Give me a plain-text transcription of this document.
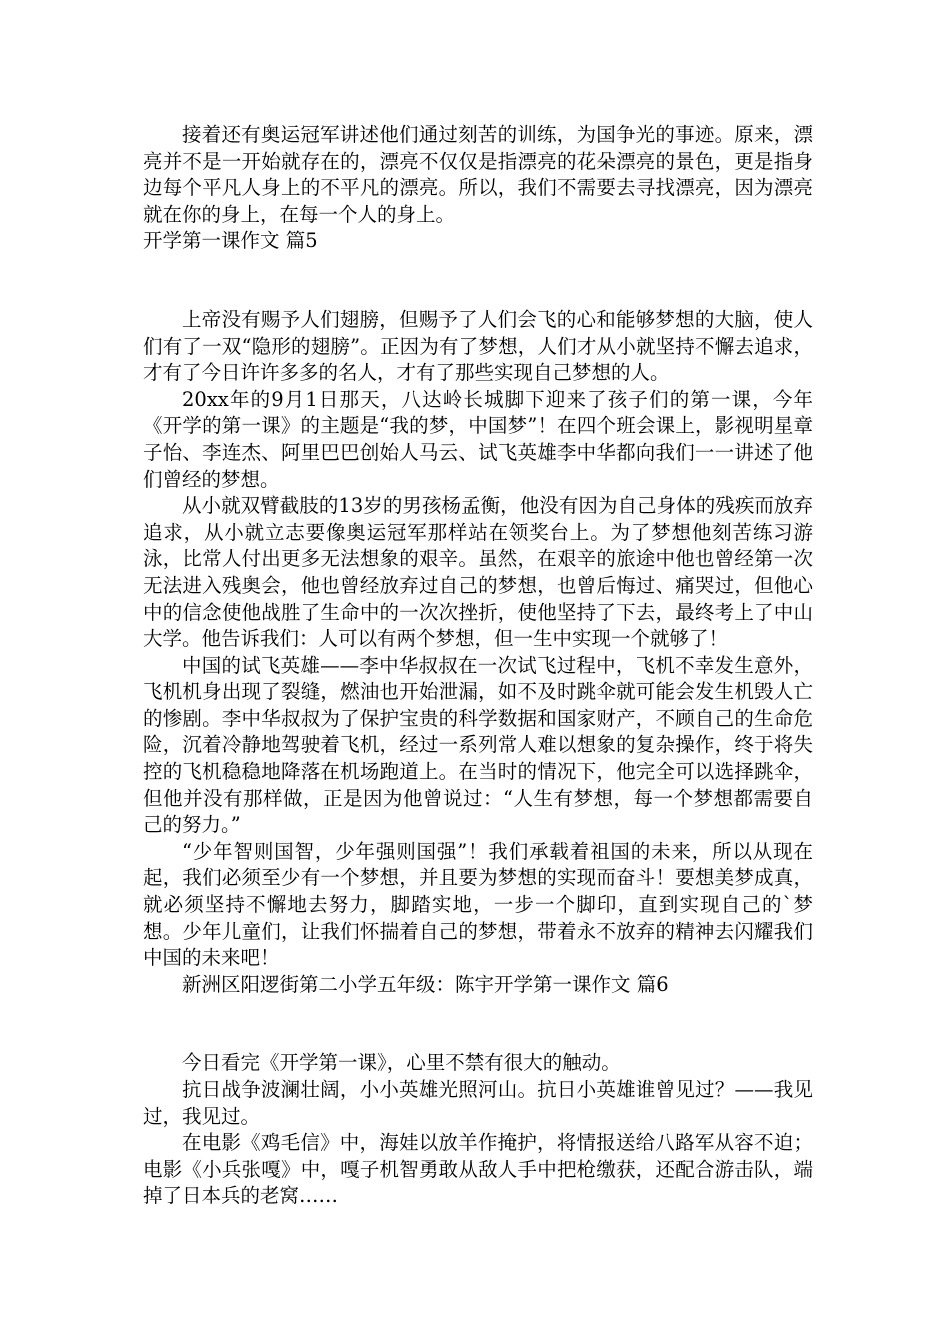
接着还有奥运冠军讲述他们通过刻苦的训练，为国争光的事迹。原来，漂亮并不是一开始就存在的，漂亮不仅仅是指漂亮的花朵漂亮的景色，更是指身边每个平凡人身上的不平凡的漂亮。所以，我们不需要去寻找漂亮，因为漂亮就在你的身上，在每一个人的身上。

开学第一课作文 篇5

上帝没有赐予人们翅膀，但赐予了人们会飞的心和能够梦想的大脑，使人们有了一双“隐形的翅膀”。正因为有了梦想，人们才从小就坚持不懈去追求，才有了今日许许多多的名人，才有了那些实现自己梦想的人。

20xx年的9月1日那天，八达岭长城脚下迎来了孩子们的第一课，今年《开学的第一课》的主题是“我的梦，中国梦”！在四个班会课上，影视明星章子怡、李连杰、阿里巴巴创始人马云、试飞英雄李中华都向我们一一讲述了他们曾经的梦想。

从小就双臂截肢的13岁的男孩杨孟衡，他没有因为自己身体的残疾而放弃追求，从小就立志要像奥运冠军那样站在领奖台上。为了梦想他刻苦练习游泳，比常人付出更多无法想象的艰辛。虽然，在艰辛的旅途中他也曾经第一次无法进入残奥会，他也曾经放弃过自己的梦想，也曾后悔过、痛哭过，但他心中的信念使他战胜了生命中的一次次挫折，使他坚持了下去，最终考上了中山大学。他告诉我们：人可以有两个梦想，但一生中实现一个就够了！

中国的试飞英雄——李中华叔叔在一次试飞过程中，飞机不幸发生意外，飞机机身出现了裂缝，燃油也开始泄漏，如不及时跳伞就可能会发生机毁人亡的惨剧。李中华叔叔为了保护宝贵的科学数据和国家财产，不顾自己的生命危险，沉着冷静地驾驶着飞机，经过一系列常人难以想象的复杂操作，终于将失控的飞机稳稳地降落在机场跑道上。在当时的情况下，他完全可以选择跳伞，但他并没有那样做，正是因为他曾说过：“人生有梦想，每一个梦想都需要自己的努力。”

“少年智则国智，少年强则国强”！我们承载着祖国的未来，所以从现在起，我们必须至少有一个梦想，并且要为梦想的实现而奋斗！要想美梦成真，就必须坚持不懈地去努力，脚踏实地，一步一个脚印，直到实现自己的`梦想。少年儿童们，让我们怀揣着自己的梦想，带着永不放弃的精神去闪耀我们中国的未来吧！

新洲区阳逻街第二小学五年级：陈宇开学第一课作文 篇6

今日看完《开学第一课》，心里不禁有很大的触动。

抗日战争波澜壮阔，小小英雄光照河山。抗日小英雄谁曾见过？——我见过，我见过。

在电影《鸡毛信》中，海娃以放羊作掩护，将情报送给八路军从容不迫；电影《小兵张嘎》中，嘎子机智勇敢从敌人手中把枪缴获，还配合游击队，端掉了日本兵的老窝……
